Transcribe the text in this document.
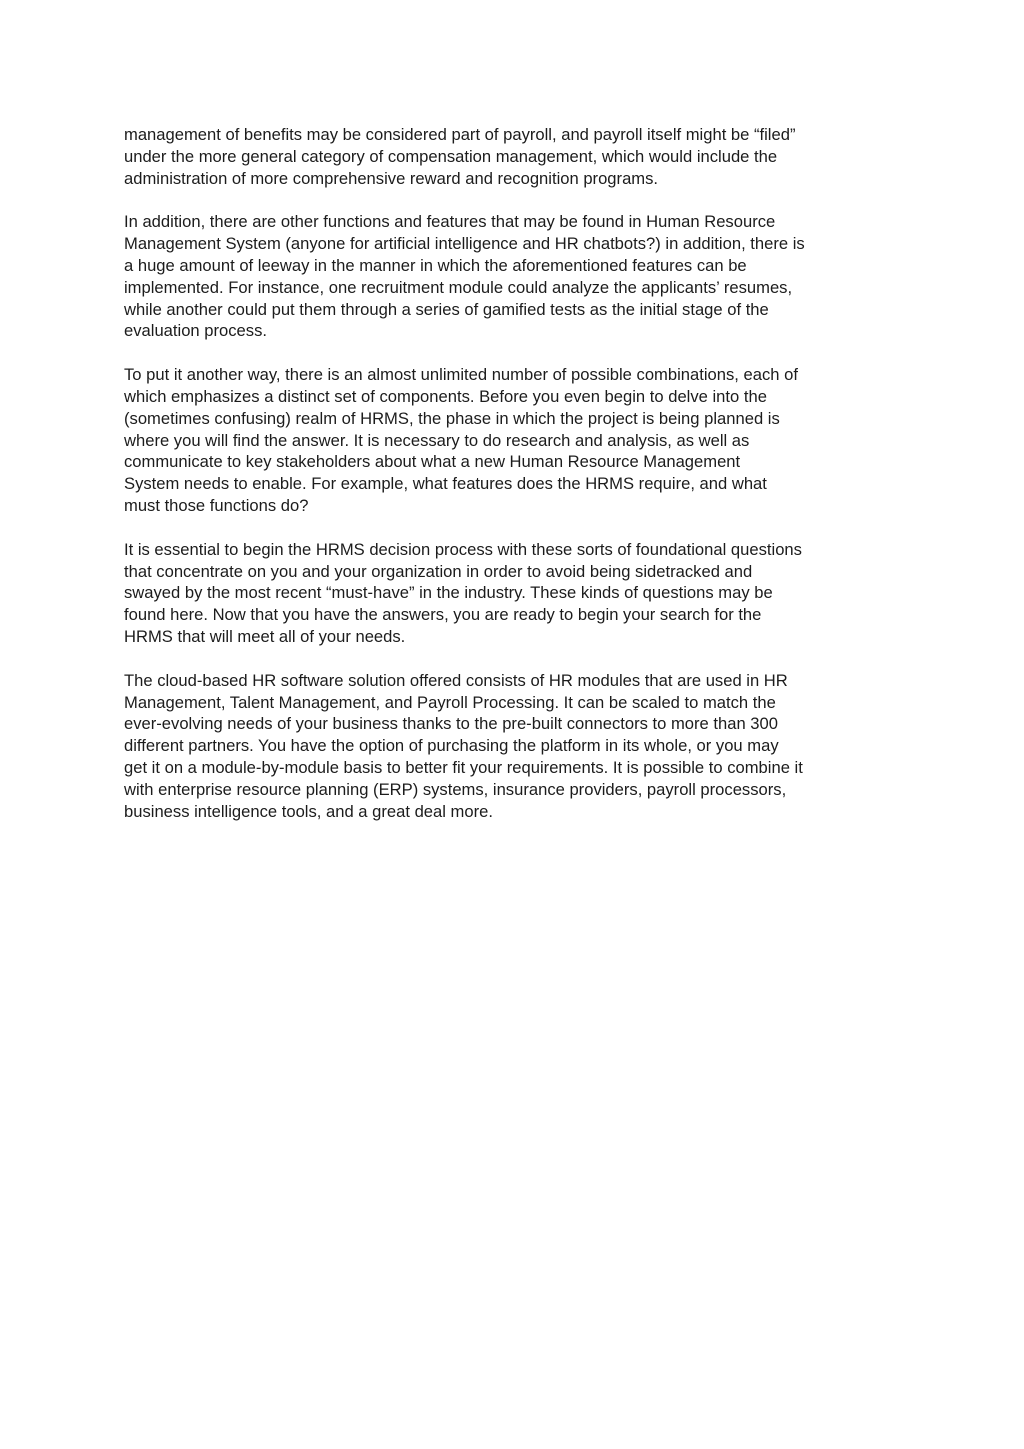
management of benefits may be considered part of payroll, and payroll itself might be “filed”
under the more general category of compensation management, which would include the
administration of more comprehensive reward and recognition programs.

In addition, there are other functions and features that may be found in Human Resource
Management System (anyone for artificial intelligence and HR chatbots?) in addition, there is
a huge amount of leeway in the manner in which the aforementioned features can be
implemented. For instance, one recruitment module could analyze the applicants’ resumes,
while another could put them through a series of gamified tests as the initial stage of the
evaluation process.

To put it another way, there is an almost unlimited number of possible combinations, each of
which emphasizes a distinct set of components. Before you even begin to delve into the
(sometimes confusing) realm of HRMS, the phase in which the project is being planned is
where you will find the answer. It is necessary to do research and analysis, as well as
communicate to key stakeholders about what a new Human Resource Management
System needs to enable. For example, what features does the HRMS require, and what
must those functions do?

It is essential to begin the HRMS decision process with these sorts of foundational questions
that concentrate on you and your organization in order to avoid being sidetracked and
swayed by the most recent “must-have” in the industry. These kinds of questions may be
found here. Now that you have the answers, you are ready to begin your search for the
HRMS that will meet all of your needs.

The cloud-based HR software solution offered consists of HR modules that are used in HR
Management, Talent Management, and Payroll Processing. It can be scaled to match the
ever-evolving needs of your business thanks to the pre-built connectors to more than 300
different partners. You have the option of purchasing the platform in its whole, or you may
get it on a module-by-module basis to better fit your requirements. It is possible to combine it
with enterprise resource planning (ERP) systems, insurance providers, payroll processors,
business intelligence tools, and a great deal more.
